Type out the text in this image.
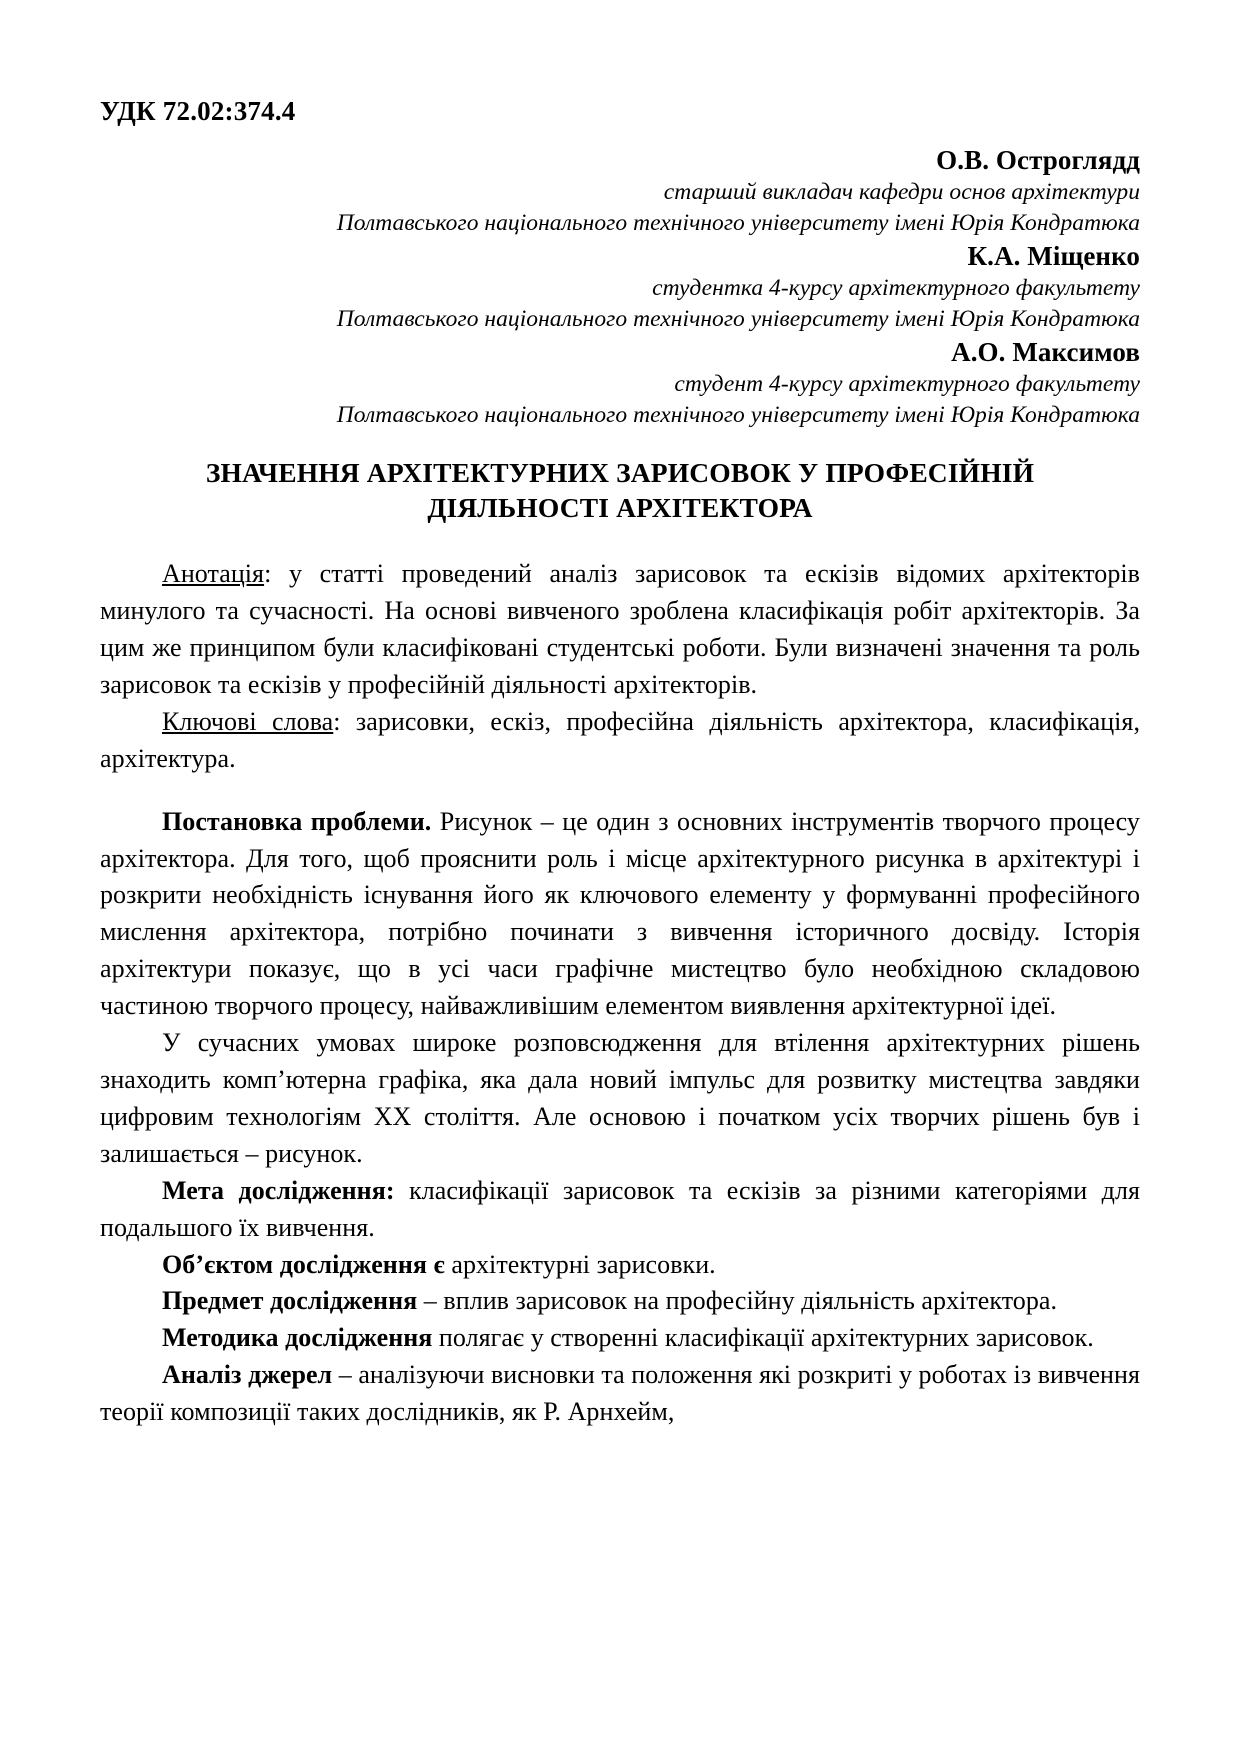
УДК 72.02:374.4
О.В. Остроглядд
старший викладач кафедри основ архітектури
Полтавського національного технічного університету імені Юрія Кондратюка
К.А. Міщенко
студентка 4-курсу архітектурного факультету
Полтавського національного технічного університету імені Юрія Кондратюка
А.О. Максимов
студент 4-курсу архітектурного факультету
Полтавського національного технічного університету імені Юрія Кондратюка
ЗНАЧЕННЯ АРХІТЕКТУРНИХ ЗАРИСОВОК У ПРОФЕСІЙНІЙ
ДІЯЛЬНОСТІ АРХІТЕКТОРА

Анотація: у статті проведений аналіз зарисовок та ескізів відомих архітекторів минулого та сучасності. На основі вивченого зроблена класифікація робіт архітекторів. За цим же принципом були класифіковані студентські роботи. Були визначені значення та роль зарисовок та ескізів у професійній діяльності архітекторів.

Ключові слова: зарисовки, ескіз, професійна діяльність архітектора, класифікація, архітектура.

Постановка проблеми. Рисунок – це один з основних інструментів творчого процесу архітектора. Для того, щоб прояснити роль і місце архітектурного рисунка в архітектурі і розкрити необхідність існування його як ключового елементу у формуванні професійного мислення архітектора, потрібно починати з вивчення історичного досвіду. Історія архітектури показує, що в усі часи графічне мистецтво було необхідною складовою частиною творчого процесу, найважливішим елементом виявлення архітектурної ідеї.

У сучасних умовах широке розповсюдження для втілення архітектурних рішень знаходить комп’ютерна графіка, яка дала новий імпульс для розвитку мистецтва завдяки цифровим технологіям XX століття. Але основою і початком усіх творчих рішень був і залишається – рисунок.

Мета дослідження: класифікації зарисовок та ескізів за різними категоріями для подальшого їх вивчення.

Об’єктом дослідження є архітектурні зарисовки.

Предмет дослідження – вплив зарисовок на професійну діяльність архітектора.

Методика дослідження полягає у створенні класифікації архітектурних зарисовок.

Аналіз джерел – аналізуючи висновки та положення які розкриті у роботах із вивчення теорії композиції таких дослідників, як Р. Арнхейм,
